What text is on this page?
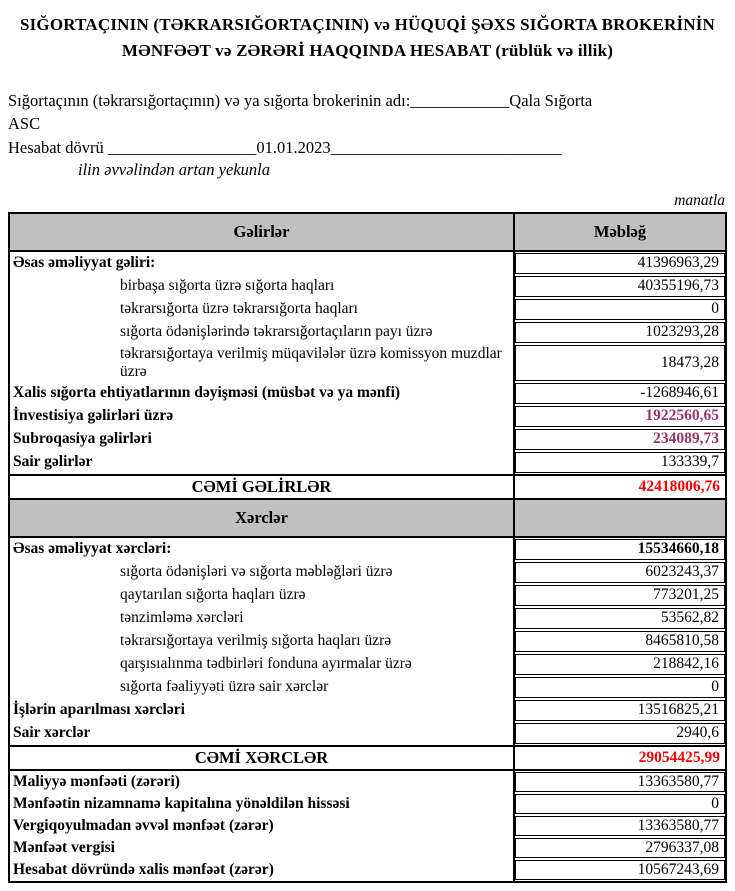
SIĞORTAÇININ (TƏKRARSIĞORTAÇININ) və HÜQUQİ ŞƏXS SIĞORTA BROKERİNİN
MƏNFƏƏT və ZƏRƏRİ HAQQINDA HESABAT (rüblük və illik)

Sığortaçının (təkrarsığortaçının) və ya sığorta brokerinin adı:____________Qala Sığorta
ASC

Hesabat dövrü __________________01.01.2023____________________________

ilin əvvəlindən artan yekunla

manatla

Gəlirlər	Məbləğ
Əsas əməliyyat gəliri:	41396963,29
birbaşa sığorta üzrə sığorta haqları	40355196,73
təkrarsığorta üzrə təkrarsığorta haqları	0
sığorta ödənişlərində təkrarsığortaçıların payı üzrə	1023293,28
təkrarsığortaya verilmiş müqavilələr üzrə komissyon muzdlar üzrə
18473,28
Xalis sığorta ehtiyatlarının dəyişməsi (müsbət və ya mənfi)	-1268946,61
İnvestisiya gəlirləri üzrə	1922560,65
Subroqasiya gəlirləri	234089,73
Sair gəlirlər	133339,7
CƏMİ GƏLİRLƏR	42418006,76
Xərclər
Əsas əməliyyat xərcləri:	15534660,18
sığorta ödənişləri və sığorta məbləğləri üzrə	6023243,37
qaytarılan sığorta haqları üzrə	773201,25
tənzimləmə xərcləri	53562,82
təkrarsığortaya verilmiş sığorta haqları üzrə	8465810,58
qarşısıalınma tədbirləri fonduna ayırmalar üzrə	218842,16
sığorta fəaliyyəti üzrə sair xərclər	0
İşlərin aparılması xərcləri	13516825,21
Sair xərclər	2940,6
CƏMİ XƏRCLƏR	29054425,99
Maliyyə mənfəəti (zərəri)	13363580,77
Mənfəətin nizamnamə kapitalına yönəldilən hissəsi	0
Vergiqoyulmadan əvvəl mənfəət (zərər)	13363580,77
Mənfəət vergisi	2796337,08
Hesabat dövründə xalis mənfəət (zərər)	10567243,69
